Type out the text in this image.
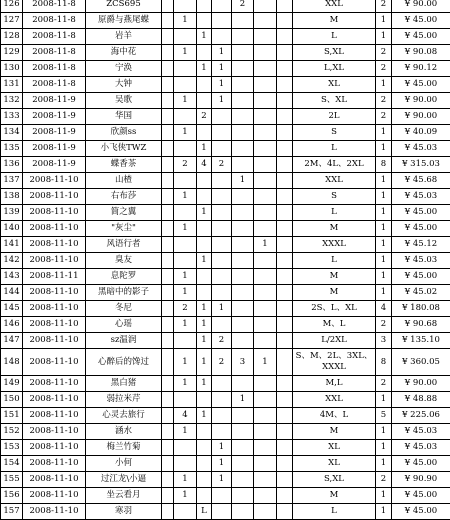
126	2008-11-8	ZCS695					2			XXL	2	¥ 90.00
127	2008-11-8	原爵与燕尾蝶		1						M	1	¥ 45.00
128	2008-11-8	岩羊			1					L	1	¥ 45.00
129	2008-11-8	海中花		1		1				S,XL	2	¥ 90.08
130	2008-11-8	宁涣			1	1				L,XL	2	¥ 90.12
131	2008-11-8	大钟				1				XL	1	¥ 45.00
132	2008-11-9	吴歌		1		1				S、XL	2	¥ 90.00
133	2008-11-9	华国			2					2L	2	¥ 90.00
134	2008-11-9	欣颜ss		1						S	1	¥ 40.09
135	2008-11-9	小飞侠TWZ			1					L	1	¥ 45.03
136	2008-11-9	蝶香茶		2	4	2				2M、4L、2XL	8	¥ 315.03
137	2008-11-10	山楂					1			XXL	1	¥ 45.68
138	2008-11-10	右布莎		1						S	1	¥ 45.03
139	2008-11-10	简之翼			1					L	1	¥ 45.00
140	2008-11-10	"灰尘"		1						M	1	¥ 45.00
141	2008-11-10	风语行者						1		XXXL	1	¥ 45.12
142	2008-11-10	臭友			1					L	1	¥ 45.03
143	2008-11-11	息陀罗		1						M	1	¥ 45.00
144	2008-11-10	黑暗中的影子		1						M	1	¥ 45.02
145	2008-11-10	冬尼		2	1	1				2S、L、XL	4	¥ 180.08
146	2008-11-10	心瑶		1	1					M、L	2	¥ 90.68
147	2008-11-10	sz温润			1	2				L/2XL	3	¥ 135.10
148	2008-11-10	心醉后的馋过		1	1	2	3	1		S、M、2L、3XL、XXXL	8	¥ 360.05
149	2008-11-10	黑白猪		1	1					M,L	2	¥ 90.00
150	2008-11-10	弱拉米芹					1			XXL	1	¥ 48.88
151	2008-11-10	心灵去旅行		4	1					4M、L	5	¥ 225.06
152	2008-11-10	涵水		1						M	1	¥ 45.03
153	2008-11-10	梅兰竹菊				1				XL	1	¥ 45.03
154	2008-11-10	小何				1				XL	1	¥ 45.00
155	2008-11-10	过江龙\小逼		1		1				S,XL	2	¥ 90.90
156	2008-11-10	坐云看月		1						M	1	¥ 45.00
157	2008-11-10	寒羽			L					L	1	¥ 45.00
